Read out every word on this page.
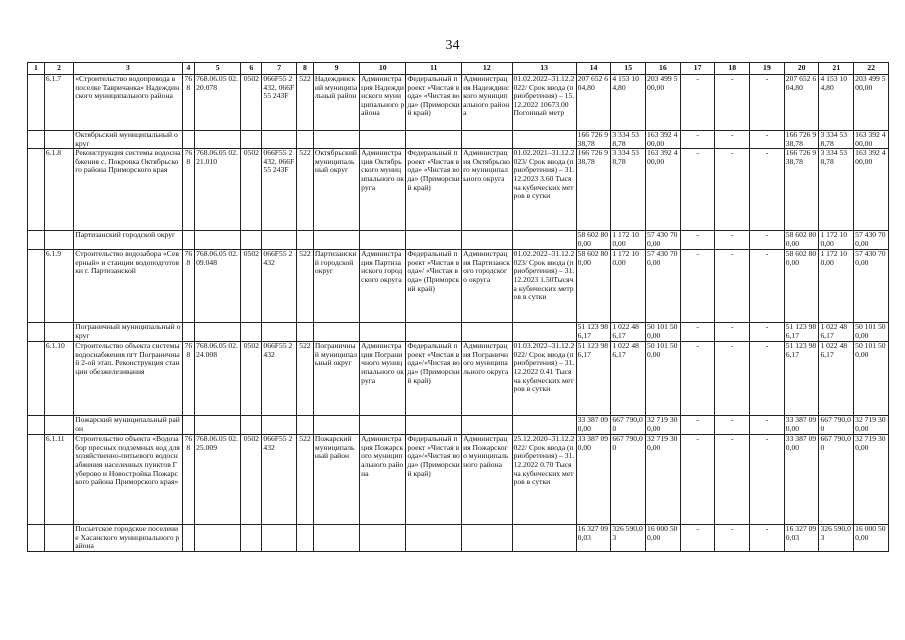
34
1	2	3	4	5	6	7	8	9	10	11	12	13	14	15	16	17	18	19	20	21	22
	6.1.7	«Строительство водопровода в поселке Тавричанка» Надеждинского муниципального района	768	768.06.05 02.20.078	0502	066F55 2432, 066F55 243F	522	Надеждинский муниципальный район	Администрация Надеждинского муниципального района	Федеральный проект «Чистая вода» «Чистая вода» (Приморский край)	Администрация Надеждинского муниципального района	01.02.2022–31.12.2022/ Срок ввода (приобретения) – 15.12.2022 10673.00 Погонный метр	207 652 604,80	4 153 104,80	203 499 500,00	-	-	-	207 652 604,80	4 153 104,80	203 499 500,00
		Октябрьский муниципальный округ											166 726 938,78	3 334 538,78	163 392 400,00	-	-	-	166 726 938,78	3 334 538,78	163 392 400,00
	6.1.8	Реконструкция системы водоснабжения с. Покровка Октябрьского района Приморского края	768	768.06.05 02.21.010	0502	066F55 2432, 066F55 243F	522	Октябрьский муниципальный округ	Администрация Октябрьского муниципального округа	Федеральный проект «Чистая вода» «Чистая вода» (Приморский край)	Администрация Октябрьского муниципального округа	01.02.2021–31.12.2023/ Срок ввода (приобретения) – 31.12.2023 3.60 Тысяча кубических метров в сутки	166 726 938,78	3 334 538,78	163 392 400,00	-	-	-	166 726 938,78	3 334 538,78	163 392 400,00
		Партизанский городской округ											58 602 800,00	1 172 100,00	57 430 700,00	-	-	-	58 602 800,00	1 172 100,00	57 430 700,00
	6.1.9	Строительство водозабора «Северный» и станции водоподготовки г. Партизанской	768	768.06.05 02.09.048	0502	066F55 2432	522	Партизанский городской округ	Администрация Партизанского городского округа	Федеральный проект «Чистая вода»/ «Чистая вода» (Приморский край)	Администрация Партизанского городского округа	01.02.2022–31.12.2023/ Срок ввода (приобретения) – 31.12.2023 1.50Тысяча кубических метров в сутки	58 602 800,00	1 172 100,00	57 430 700,00	-	-	-	58 602 800,00	1 172 100,00	57 430 700,00
		Пограничный муниципальный округ											51 123 986,17	1 022 486,17	50 101 500,00	-	-	-	51 123 986,17	1 022 486,17	50 101 500,00
	6.1.10	Строительство объекта системы водоснабжения пгт Пограничный 2-ой этап. Реконструкция станции обезжелезивания	768	768.06.05 02.24.008	0502	066F55 2432	522	Пограничный муниципальный округ	Администрация Пограничного муниципального округа	Федеральный проект «Чистая вода»/«Чистая вода» (Приморский край)	Администрация Пограничного муниципального округа	01.03.2022–31.12.2022/ Срок ввода (приобретения) – 31.12.2022 0.41 Тысяча кубических метров в сутки	51 123 986,17	1 022 486,17	50 101 500,00	-	-	-	51 123 986,17	1 022 486,17	50 101 500,00
		Пожарский муниципальный район											33 387 090,00	667 790,00	32 719 300,00	-	-	-	33 387 090,00	667 790,00	32 719 300,00
	6.1.11	Строительство объекта «Водозабор пресных подземных вод для хозяйственно-питьевого водоснабжения населенных пунктов Губерово и Новостройка Пожарского района Приморского края»	768	768.06.05 02.25.009	0502	066F55 2432	522	Пожарский муниципальный район	Администрация Пожарского муниципального района	Федеральный проект «Чистая вода»/«Чистая вода» (Приморский край)	Администрация Пожарского муниципального района	25.12.2020–31.12.2022/ Срок ввода (приобретения) – 31.12.2022 0.70 Тысяча кубических метров в сутки	33 387 090,00	667 790,00	32 719 300,00	-	-	-	33 387 090,00	667 790,00	32 719 300,00
		Посьетское городское поселение Хасанского муниципального района											16 327 090,03	326 590,03	16 000 500,00	-	-	-	16 327 090,03	326 590,03	16 000 500,00
